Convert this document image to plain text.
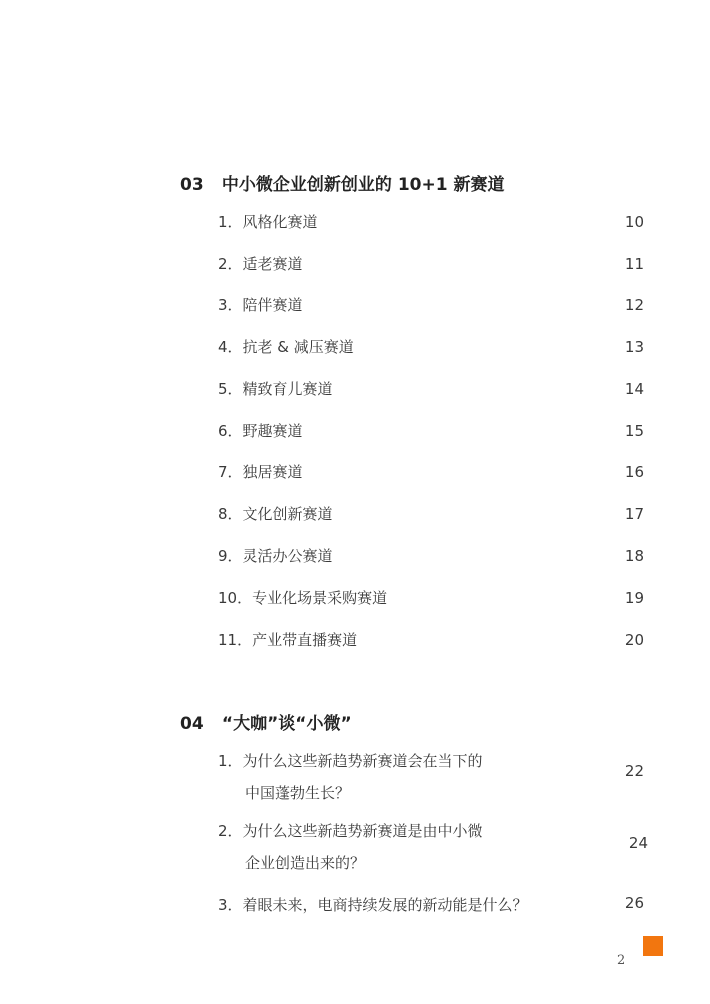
03 中小微企业创新创业的 10+1 新赛道
1．风格化赛道	10
2．适老赛道	11
3．陪伴赛道	12
4．抗老 & 减压赛道	13
5．精致育儿赛道	14
6．野趣赛道	15
7．独居赛道	16
8．文化创新赛道	17
9．灵活办公赛道	18
10．专业化场景采购赛道	19
11．产业带直播赛道	20
04 “大咖”谈“小微”
1．为什么这些新趋势新赛道会在当下的
中国蓬勃生长？
22
2．为什么这些新趋势新赛道是由中小微
企业创造出来的？
24
3．着眼未来，电商持续发展的新动能是什么？	26
2
